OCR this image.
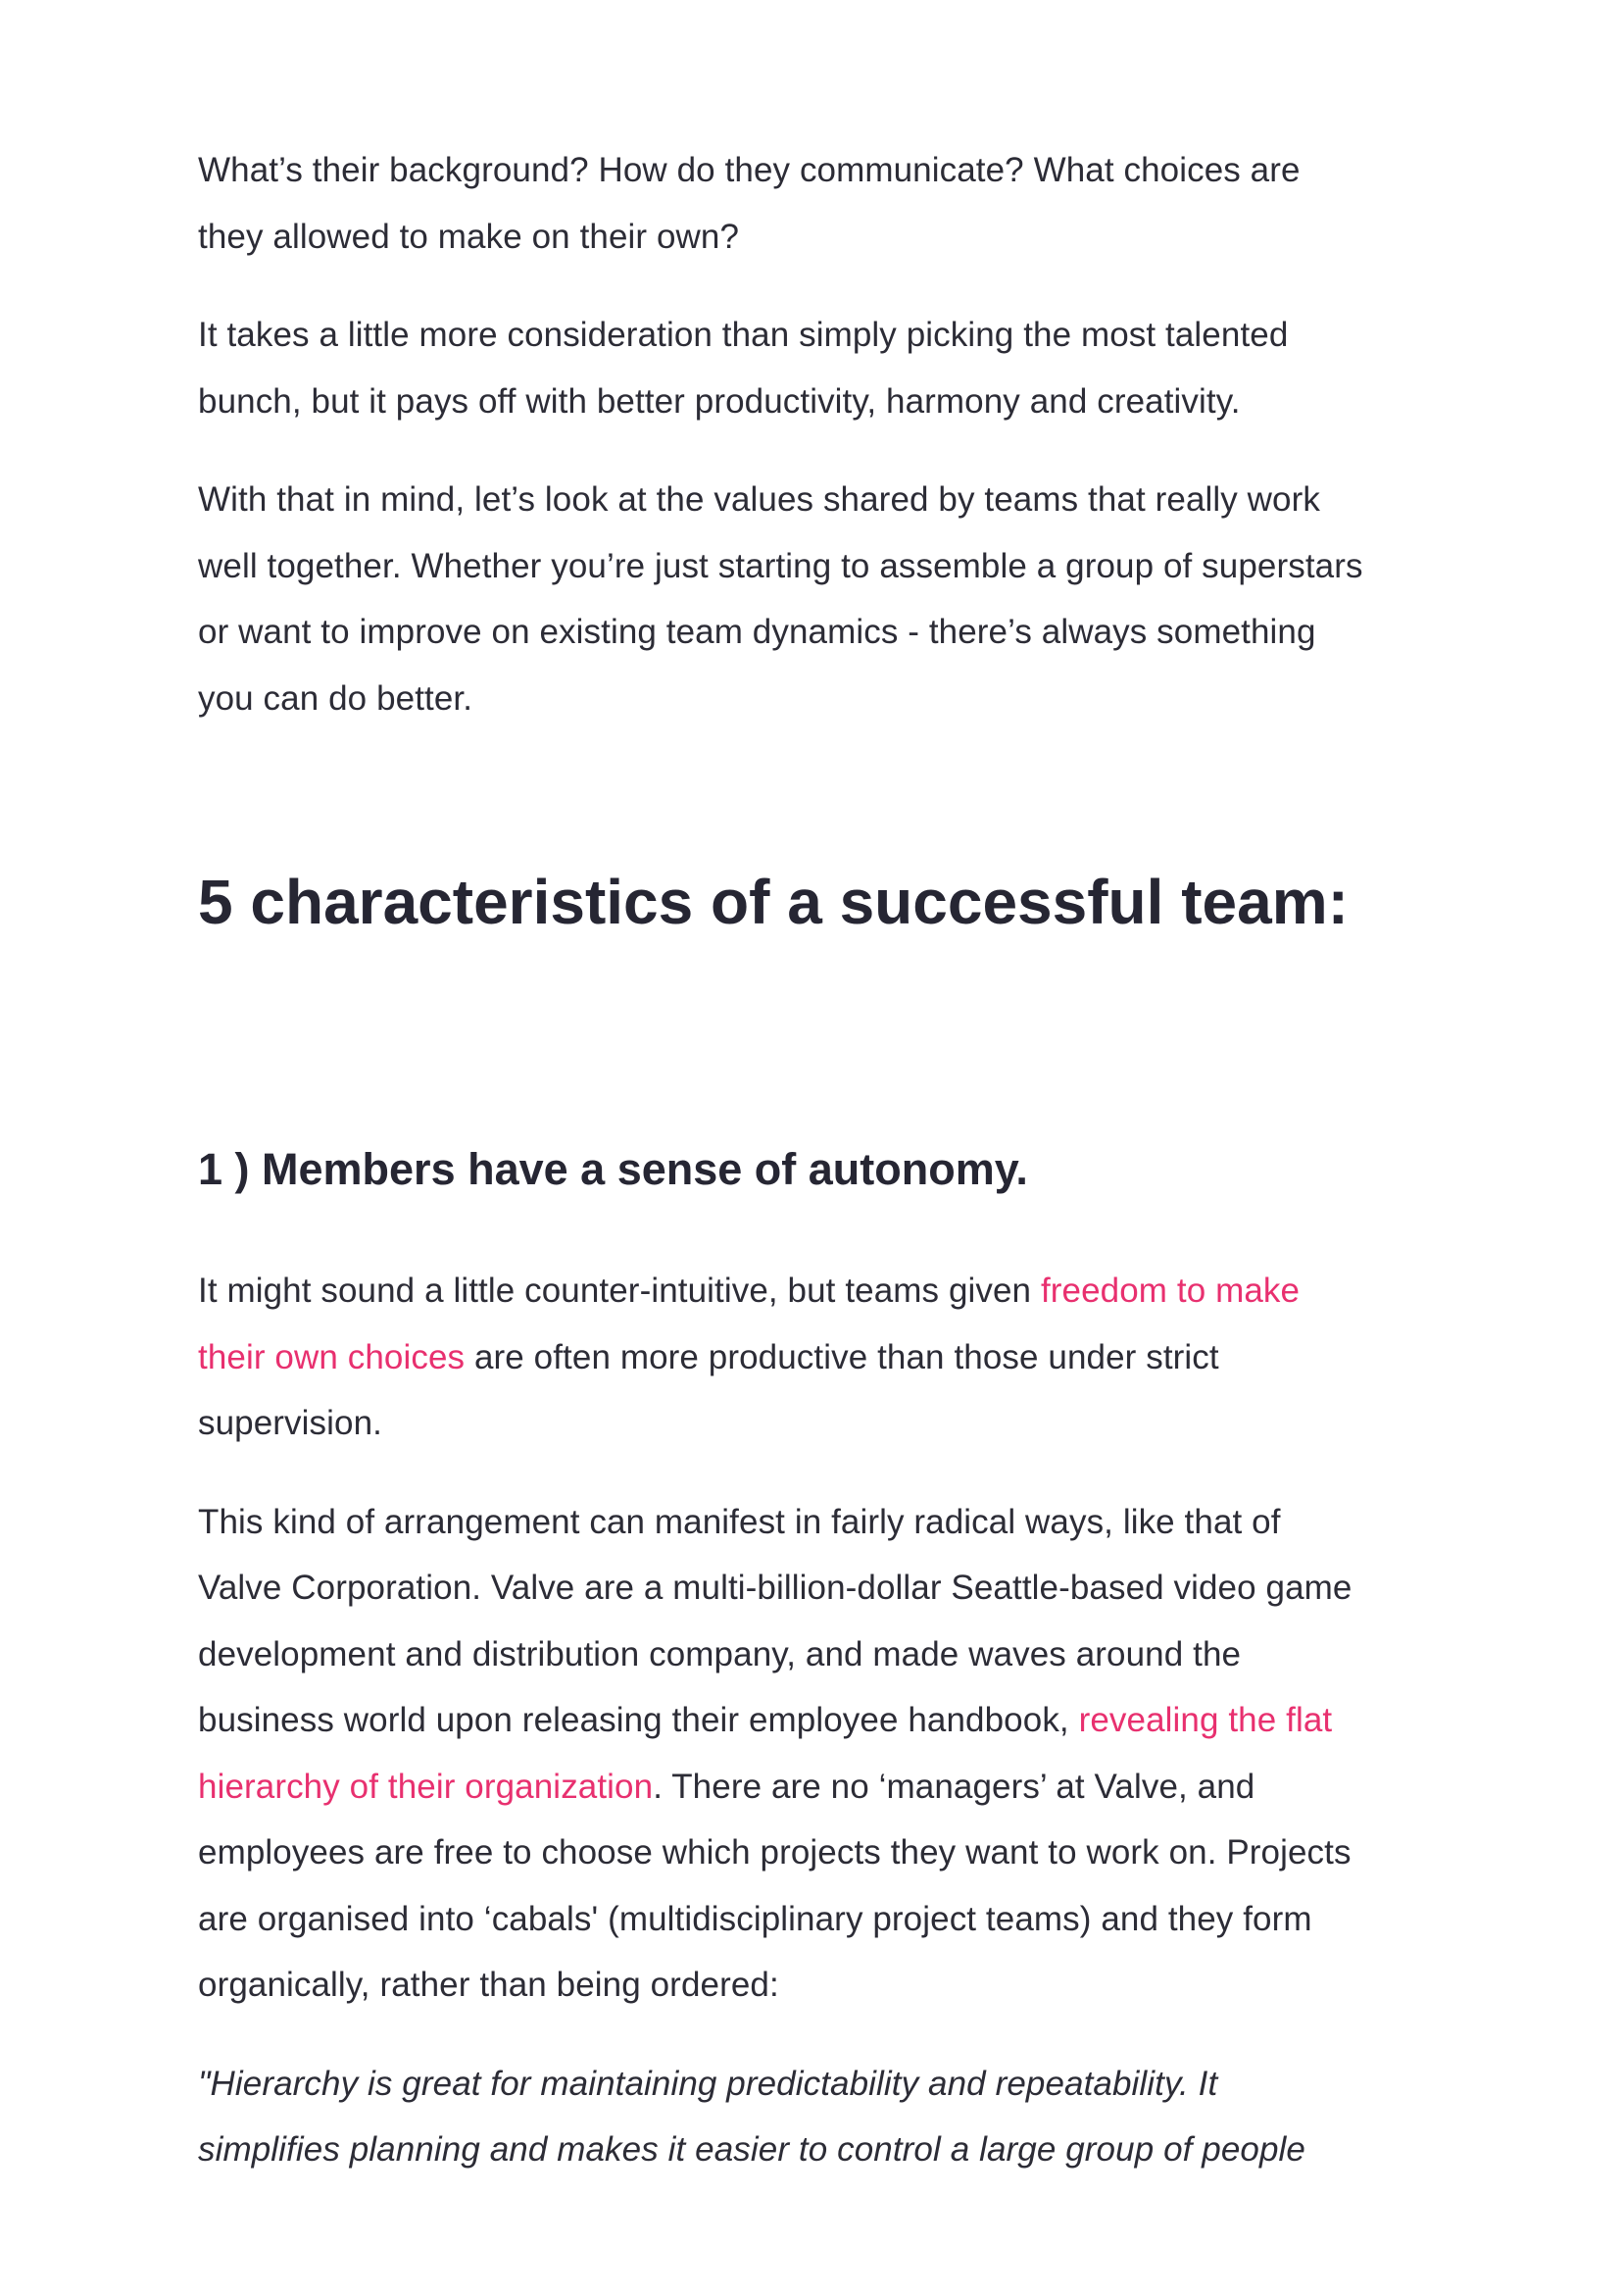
What’s their background? How do they communicate? What choices are
they allowed to make on their own?

It takes a little more consideration than simply picking the most talented
bunch, but it pays off with better productivity, harmony and creativity.

With that in mind, let’s look at the values shared by teams that really work
well together. Whether you’re just starting to assemble a group of superstars
or want to improve on existing team dynamics - there’s always something
you can do better.

5 characteristics of a successful team:
1 ) Members have a sense of autonomy.

It might sound a little counter-intuitive, but teams given freedom to make
their own choices are often more productive than those under strict
supervision.

This kind of arrangement can manifest in fairly radical ways, like that of
Valve Corporation. Valve are a multi-billion-dollar Seattle-based video game
development and distribution company, and made waves around the
business world upon releasing their employee handbook, revealing the flat
hierarchy of their organization. There are no ‘managers’ at Valve, and
employees are free to choose which projects they want to work on. Projects
are organised into ‘cabals' (multidisciplinary project teams) and they form
organically, rather than being ordered:

"Hierarchy is great for maintaining predictability and repeatability. It
simplifies planning and makes it easier to control a large group of people
